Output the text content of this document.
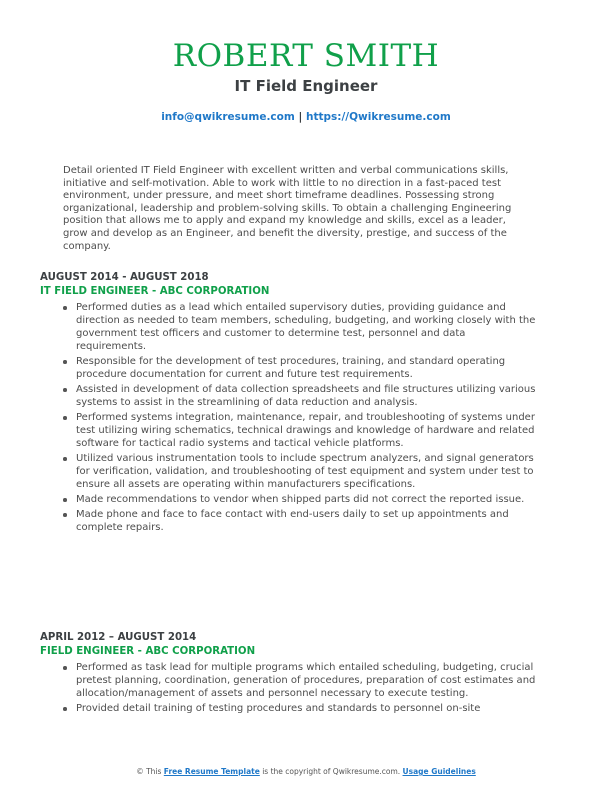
ROBERT SMITH
IT Field Engineer
info@qwikresume.com | https://Qwikresume.com
Detail oriented IT Field Engineer with excellent written and verbal communications skills, initiative and self-motivation. Able to work with little to no direction in a fast-paced test environment, under pressure, and meet short timeframe deadlines. Possessing strong organizational, leadership and problem-solving skills. To obtain a challenging Engineering position that allows me to apply and expand my knowledge and skills, excel as a leader, grow and develop as an Engineer, and benefit the diversity, prestige, and success of the company.
AUGUST 2014 - AUGUST 2018
IT FIELD ENGINEER - ABC CORPORATION
Performed duties as a lead which entailed supervisory duties, providing guidance and direction as needed to team members, scheduling, budgeting, and working closely with the government test officers and customer to determine test, personnel and data requirements.
Responsible for the development of test procedures, training, and standard operating procedure documentation for current and future test requirements.
Assisted in development of data collection spreadsheets and file structures utilizing various systems to assist in the streamlining of data reduction and analysis.
Performed systems integration, maintenance, repair, and troubleshooting of systems under test utilizing wiring schematics, technical drawings and knowledge of hardware and related software for tactical radio systems and tactical vehicle platforms.
Utilized various instrumentation tools to include spectrum analyzers, and signal generators for verification, validation, and troubleshooting of test equipment and system under test to ensure all assets are operating within manufacturers specifications.
Made recommendations to vendor when shipped parts did not correct the reported issue.
Made phone and face to face contact with end-users daily to set up appointments and complete repairs.
APRIL 2012 – AUGUST 2014
FIELD ENGINEER - ABC CORPORATION
Performed as task lead for multiple programs which entailed scheduling, budgeting, crucial pretest planning, coordination, generation of procedures, preparation of cost estimates and allocation/management of assets and personnel necessary to execute testing.
Provided detail training of testing procedures and standards to personnel on-site
© This Free Resume Template is the copyright of Qwikresume.com. Usage Guidelines
